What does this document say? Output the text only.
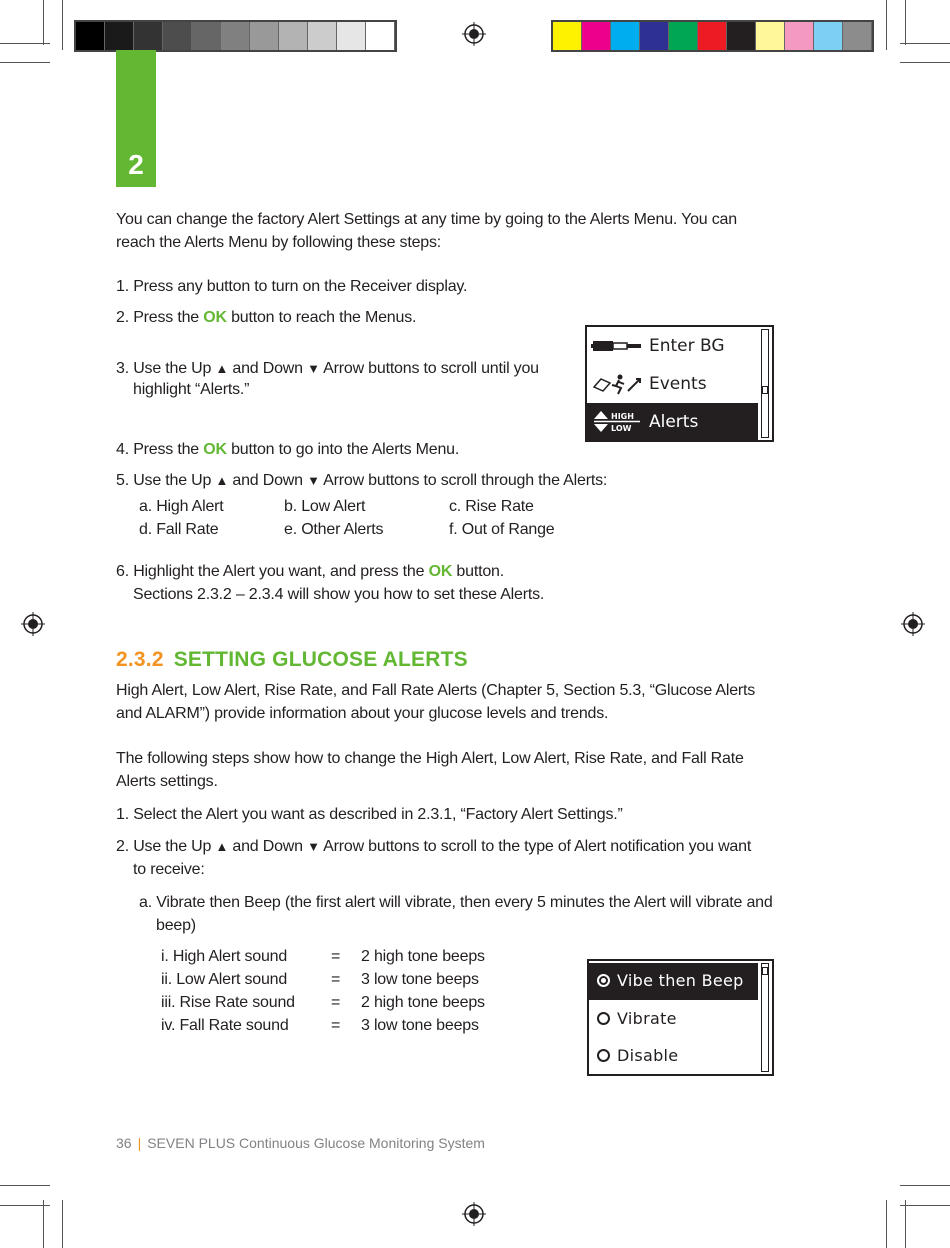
2
You can change the factory Alert Settings at any time by going to the Alerts Menu. You can reach the Alerts Menu by following these steps:
1. Press any button to turn on the Receiver display.
2. Press the OK button to reach the Menus.
3. Use the Up ▲ and Down ▼ Arrow buttons to scroll until you
highlight “Alerts.”
Enter BG
Events
HIGH
LOW Alerts
4. Press the OK button to go into the Alerts Menu.
5. Use the Up ▲ and Down ▼ Arrow buttons to scroll through the Alerts:
a. High Alert	b. Low Alert	c. Rise Rate
d. Fall Rate	e. Other Alerts	f. Out of Range
6. Highlight the Alert you want, and press the OK button.
Sections 2.3.2 – 2.3.4 will show you how to set these Alerts.
2.3.2 SETTING GLUCOSE ALERTS
High Alert, Low Alert, Rise Rate, and Fall Rate Alerts (Chapter 5, Section 5.3, “Glucose Alerts and ALARM”) provide information about your glucose levels and trends.
The following steps show how to change the High Alert, Low Alert, Rise Rate, and Fall Rate Alerts settings.
1. Select the Alert you want as described in 2.3.1, “Factory Alert Settings.”
2. Use the Up ▲ and Down ▼ Arrow buttons to scroll to the type of Alert notification you want
to receive:
a. Vibrate then Beep (the first alert will vibrate, then every 5 minutes the Alert will vibrate and
beep)
i. High Alert sound	= 2 high tone beeps
ii. Low Alert sound	= 3 low tone beeps
iii. Rise Rate sound = 2 high tone beeps
iv. Fall Rate sound	= 3 low tone beeps
Vibe then Beep
Vibrate
Disable
36 | SEVEN PLUS Continuous Glucose Monitoring System
